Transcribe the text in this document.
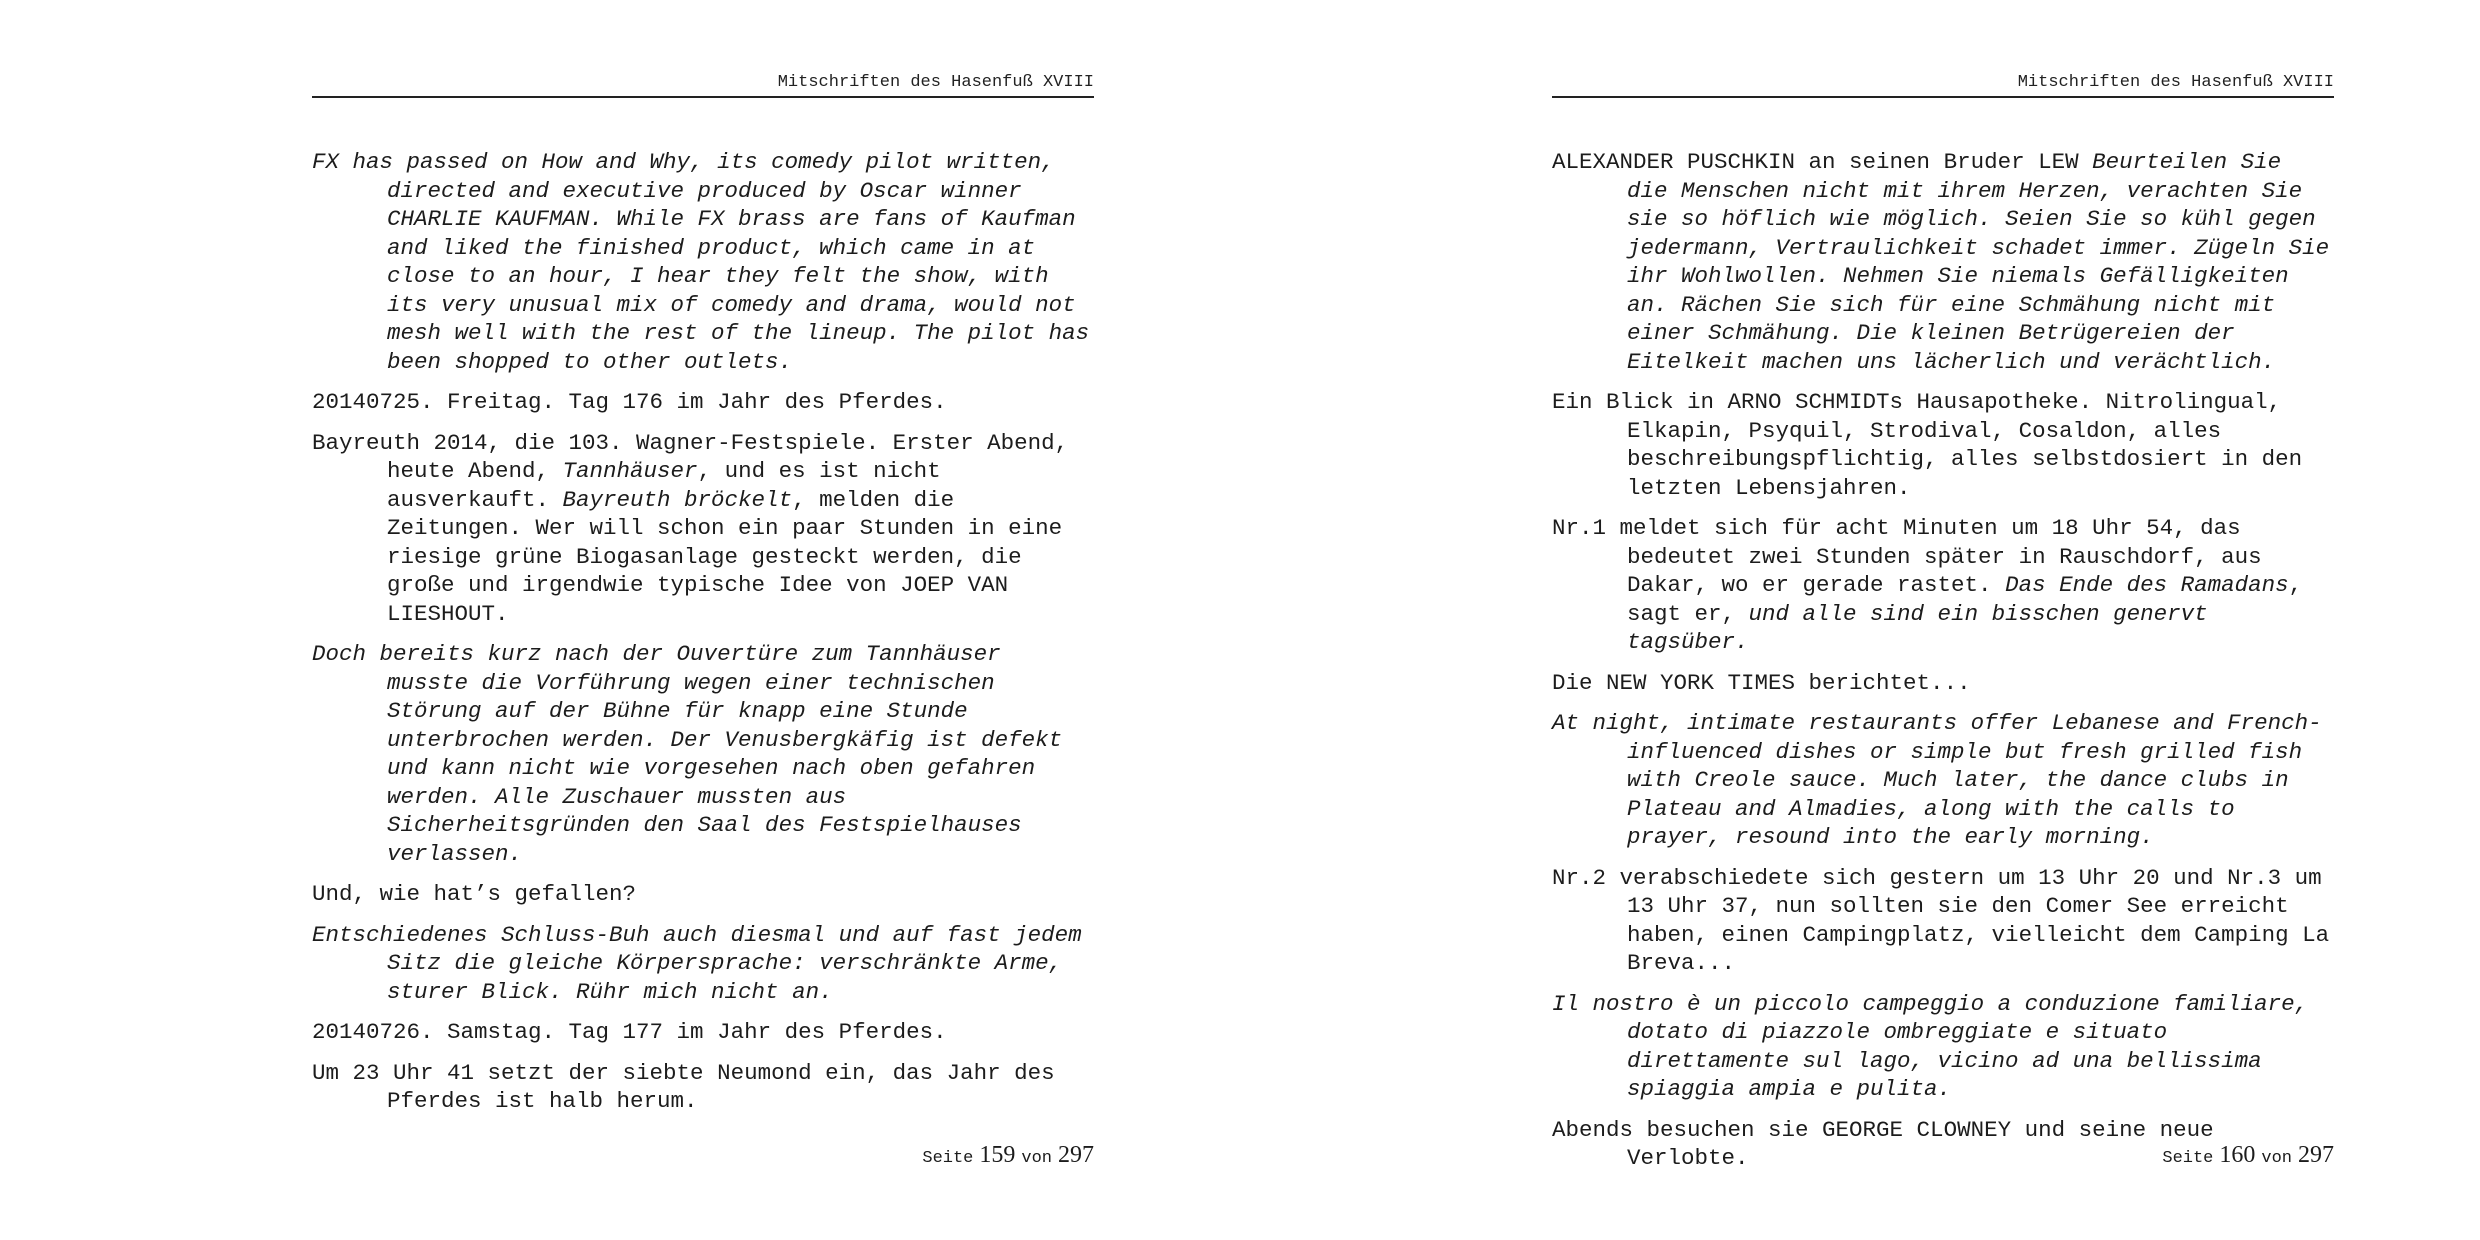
Mitschriften des Hasenfuß XVIII

FX has passed on How and Why, its comedy pilot written, directed and executive produced by Oscar winner CHARLIE KAUFMAN. While FX brass are fans of Kaufman and liked the finished product, which came in at close to an hour, I hear they felt the show, with its very unusual mix of comedy and drama, would not mesh well with the rest of the lineup. The pilot has been shopped to other outlets.

20140725. Freitag. Tag 176 im Jahr des Pferdes.

Bayreuth 2014, die 103. Wagner-Festspiele. Erster Abend, heute Abend, Tannhäuser, und es ist nicht ausverkauft. Bayreuth bröckelt, melden die Zeitungen. Wer will schon ein paar Stunden in eine riesige grüne Biogasanlage gesteckt werden, die große und irgendwie typische Idee von JOEP VAN LIESHOUT.

Doch bereits kurz nach der Ouvertüre zum Tannhäuser musste die Vorführung wegen einer technischen Störung auf der Bühne für knapp eine Stunde unterbrochen werden. Der Venusbergkäfig ist defekt und kann nicht wie vorgesehen nach oben gefahren werden. Alle Zuschauer mussten aus Sicherheitsgründen den Saal des Festspielhauses verlassen.

Und, wie hat’s gefallen?

Entschiedenes Schluss-Buh auch diesmal und auf fast jedem Sitz die gleiche Körpersprache: verschränkte Arme, sturer Blick. Rühr mich nicht an.

20140726. Samstag. Tag 177 im Jahr des Pferdes.

Um 23 Uhr 41 setzt der siebte Neumond ein, das Jahr des Pferdes ist halb herum.

Seite 159 von 297
Mitschriften des Hasenfuß XVIII

ALEXANDER PUSCHKIN an seinen Bruder LEW Beurteilen Sie die Menschen nicht mit ihrem Herzen, verachten Sie sie so höflich wie möglich. Seien Sie so kühl gegen jedermann, Vertraulichkeit schadet immer. Zügeln Sie ihr Wohlwollen. Nehmen Sie niemals Gefälligkeiten an. Rächen Sie sich für eine Schmähung nicht mit einer Schmähung. Die kleinen Betrügereien der Eitelkeit machen uns lächerlich und verächtlich.

Ein Blick in ARNO SCHMIDTs Hausapotheke. Nitrolingual, Elkapin, Psyquil, Strodival, Cosaldon, alles beschreibungspflichtig, alles selbstdosiert in den letzten Lebensjahren.

Nr.1 meldet sich für acht Minuten um 18 Uhr 54, das bedeutet zwei Stunden später in Rauschdorf, aus Dakar, wo er gerade rastet. Das Ende des Ramadans, sagt er, und alle sind ein bisschen genervt tagsüber.

Die NEW YORK TIMES berichtet...

At night, intimate restaurants offer Lebanese and French-influenced dishes or simple but fresh grilled fish with Creole sauce. Much later, the dance clubs in Plateau and Almadies, along with the calls to prayer, resound into the early morning.

Nr.2 verabschiedete sich gestern um 13 Uhr 20 und Nr.3 um 13 Uhr 37, nun sollten sie den Comer See erreicht haben, einen Campingplatz, vielleicht dem Camping La Breva...

Il nostro è un piccolo campeggio a conduzione familiare, dotato di piazzole ombreggiate e situato direttamente sul lago, vicino ad una bellissima spiaggia ampia e pulita.

Abends besuchen sie GEORGE CLOWNEY und seine neue Verlobte.	Seite 160 von 297
